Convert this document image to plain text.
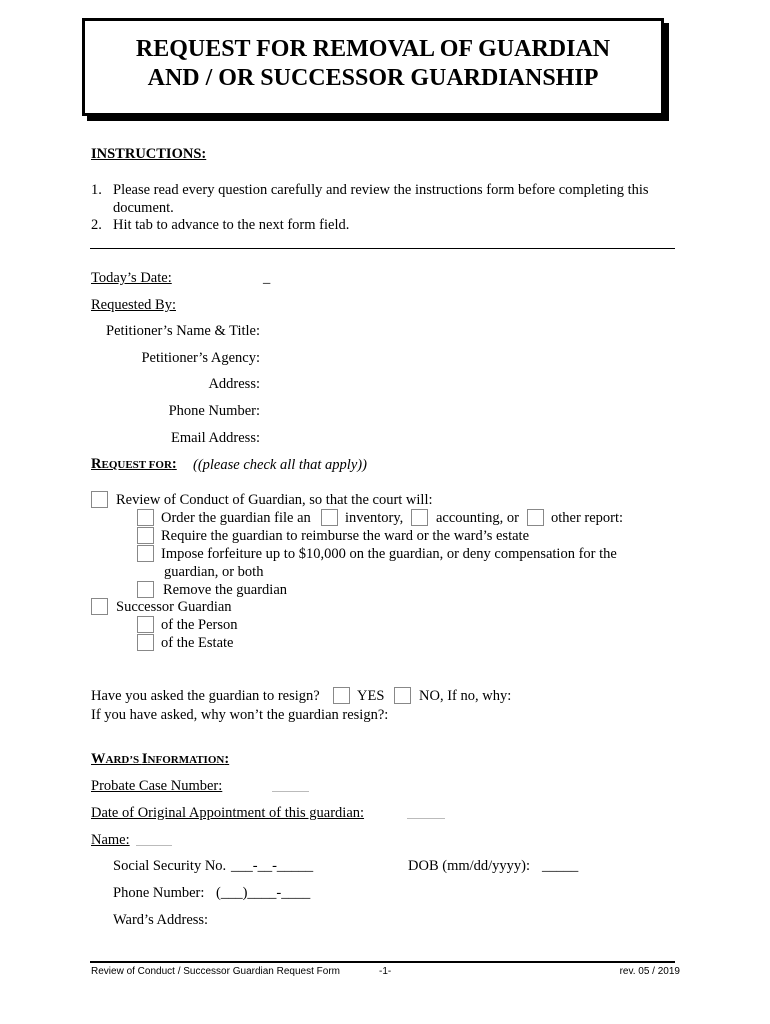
REQUEST FOR REMOVAL OF GUARDIAN
AND / OR SUCCESSOR GUARDIANSHIP
INSTRUCTIONS:
1. Please read every question carefully and review the instructions form before completing this
document.
2. Hit tab to advance to the next form field.
Today’s Date:	_
Requested By:
Petitioner’s Name & Title:
Petitioner’s Agency:
Address:
Phone Number:
Email Address:
REQUEST FOR: ((please check all that apply))
Review of Conduct of Guardian, so that the court will:
Order the guardian file an inventory, accounting, or other report:
Require the guardian to reimburse the ward or the ward’s estate
Impose forfeiture up to $10,000 on the guardian, or deny compensation for the
guardian, or both
Remove the guardian
Successor Guardian
of the Person
of the Estate
Have you asked the guardian to resign?	YES NO, If no, why:
If you have asked, why won’t the guardian resign?:
WARD’S INFORMATION:
Probate Case Number:
Date of Original Appointment of this guardian:
Name:
Social Security No. ___-__-_____	DOB (mm/dd/yyyy): _____
Phone Number: (___)____-____
Ward’s Address:
Review of Conduct / Successor Guardian Request Form	-1-	rev. 05 / 2019
